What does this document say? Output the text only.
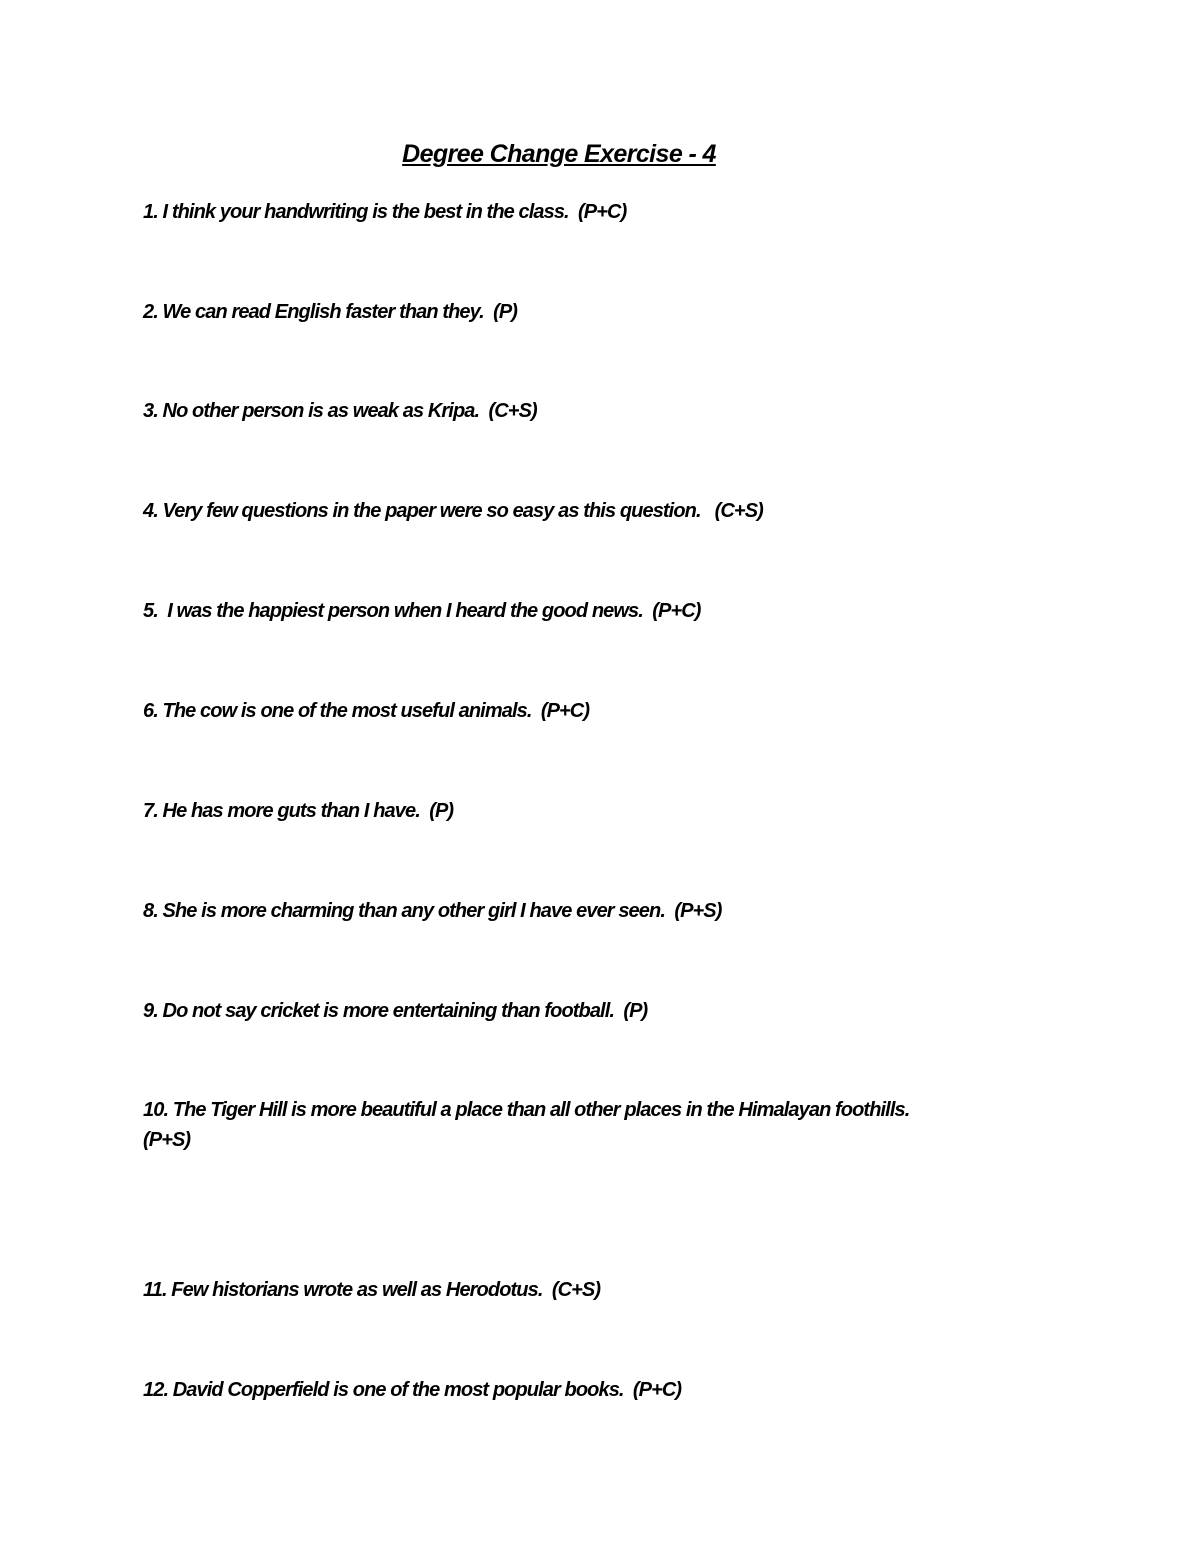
Degree Change Exercise - 4
1. I think your handwriting is the best in the class. (P+C)
2. We can read English faster than they. (P)
3. No other person is as weak as Kripa. (C+S)
4. Very few questions in the paper were so easy as this question. (C+S)
5.  I was the happiest person when I heard the good news. (P+C)
6. The cow is one of the most useful animals. (P+C)
7. He has more guts than I have. (P)
8. She is more charming than any other girl I have ever seen. (P+S)
9. Do not say cricket is more entertaining than football. (P)
10. The Tiger Hill is more beautiful a place than all other places in the Himalayan foothills.
(P+S)
11. Few historians wrote as well as Herodotus. (C+S)
12. David Copperfield is one of the most popular books. (P+C)
